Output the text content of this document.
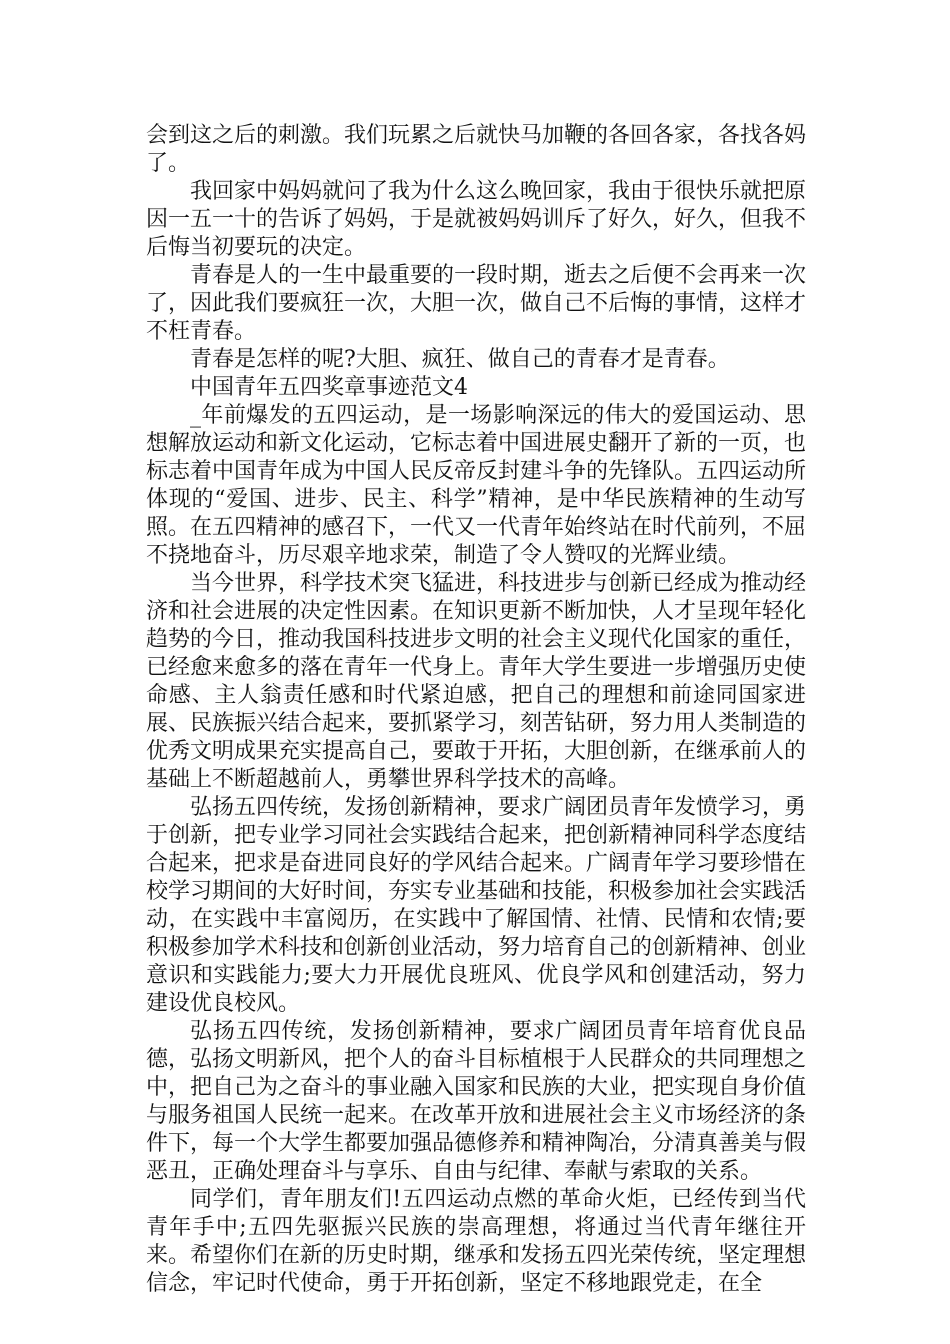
会到这之后的刺激。我们玩累之后就快马加鞭的各回各家，各找各妈了。

我回家中妈妈就问了我为什么这么晚回家，我由于很快乐就把原因一五一十的告诉了妈妈，于是就被妈妈训斥了好久，好久，但我不后悔当初要玩的决定。

青春是人的一生中最重要的一段时期，逝去之后便不会再来一次了，因此我们要疯狂一次，大胆一次，做自己不后悔的事情，这样才不枉青春。

青春是怎样的呢?大胆、疯狂、做自己的青春才是青春。

中国青年五四奖章事迹范文4

_年前爆发的五四运动，是一场影响深远的伟大的爱国运动、思想解放运动和新文化运动，它标志着中国进展史翻开了新的一页，也标志着中国青年成为中国人民反帝反封建斗争的先锋队。五四运动所体现的“爱国、进步、民主、科学”精神，是中华民族精神的生动写照。在五四精神的感召下，一代又一代青年始终站在时代前列，不屈不挠地奋斗，历尽艰辛地求荣，制造了令人赞叹的光辉业绩。

当今世界，科学技术突飞猛进，科技进步与创新已经成为推动经济和社会进展的决定性因素。在知识更新不断加快，人才呈现年轻化趋势的今日，推动我国科技进步文明的社会主义现代化国家的重任，已经愈来愈多的落在青年一代身上。青年大学生要进一步增强历史使命感、主人翁责任感和时代紧迫感，把自己的理想和前途同国家进展、民族振兴结合起来，要抓紧学习，刻苦钻研，努力用人类制造的优秀文明成果充实提高自己，要敢于开拓，大胆创新，在继承前人的基础上不断超越前人，勇攀世界科学技术的高峰。

弘扬五四传统，发扬创新精神，要求广阔团员青年发愤学习，勇于创新，把专业学习同社会实践结合起来，把创新精神同科学态度结合起来，把求是奋进同良好的学风结合起来。广阔青年学习要珍惜在校学习期间的大好时间，夯实专业基础和技能，积极参加社会实践活动，在实践中丰富阅历，在实践中了解国情、社情、民情和农情;要积极参加学术科技和创新创业活动，努力培育自己的创新精神、创业意识和实践能力;要大力开展优良班风、优良学风和创建活动，努力建设优良校风。

弘扬五四传统，发扬创新精神，要求广阔团员青年培育优良品德，弘扬文明新风，把个人的奋斗目标植根于人民群众的共同理想之中，把自己为之奋斗的事业融入国家和民族的大业，把实现自身价值与服务祖国人民统一起来。在改革开放和进展社会主义市场经济的条件下，每一个大学生都要加强品德修养和精神陶冶，分清真善美与假恶丑，正确处理奋斗与享乐、自由与纪律、奉献与索取的关系。

同学们，青年朋友们!五四运动点燃的革命火炬，已经传到当代青年手中;五四先驱振兴民族的崇高理想，将通过当代青年继往开来。希望你们在新的历史时期，继承和发扬五四光荣传统，坚定理想信念，牢记时代使命，勇于开拓创新，坚定不移地跟党走，在全
